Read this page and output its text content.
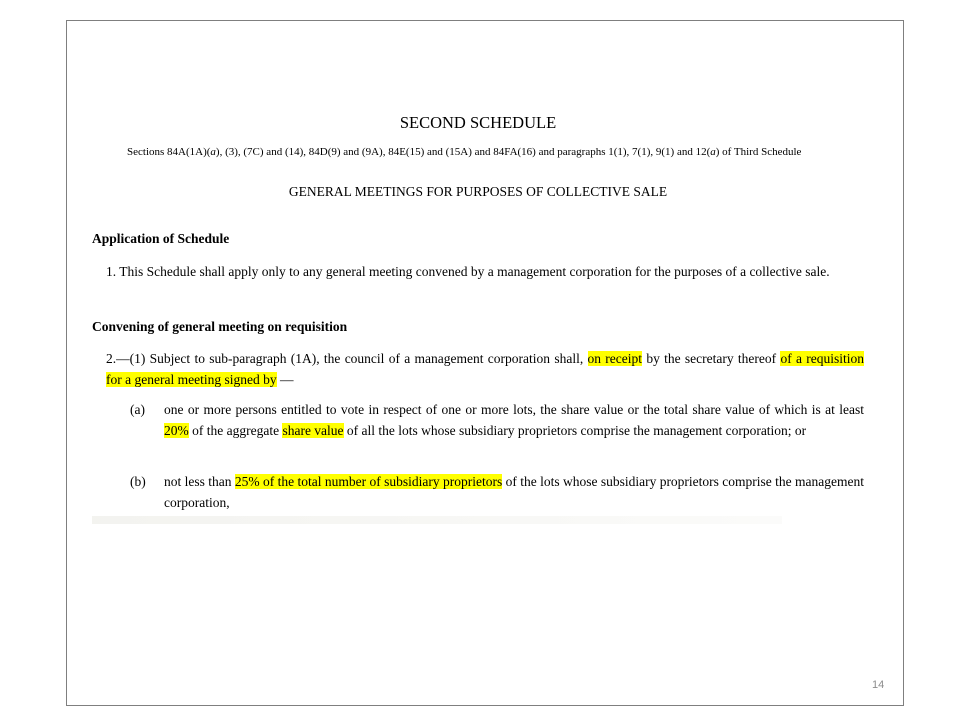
SECOND SCHEDULE

Sections 84A(1A)(a), (3), (7C) and (14), 84D(9) and (9A), 84E(15) and (15A) and 84FA(16) and paragraphs 1(1), 7(1), 9(1) and 12(a) of Third Schedule
GENERAL MEETINGS FOR PURPOSES OF COLLECTIVE SALE
Application of Schedule
1. This Schedule shall apply only to any general meeting convened by a management corporation for the purposes of a collective sale.
Convening of general meeting on requisition
2.—(1) Subject to sub-paragraph (1A), the council of a management corporation shall, on receipt by the secretary thereof of a requisition for a general meeting signed by —
(a)	one or more persons entitled to vote in respect of one or more lots, the share value or the total share value of which is at least 20% of the aggregate share value of all the lots whose subsidiary proprietors comprise the management corporation; or
(b)	not less than 25% of the total number of subsidiary proprietors of the lots whose subsidiary proprietors comprise the management corporation,
14
